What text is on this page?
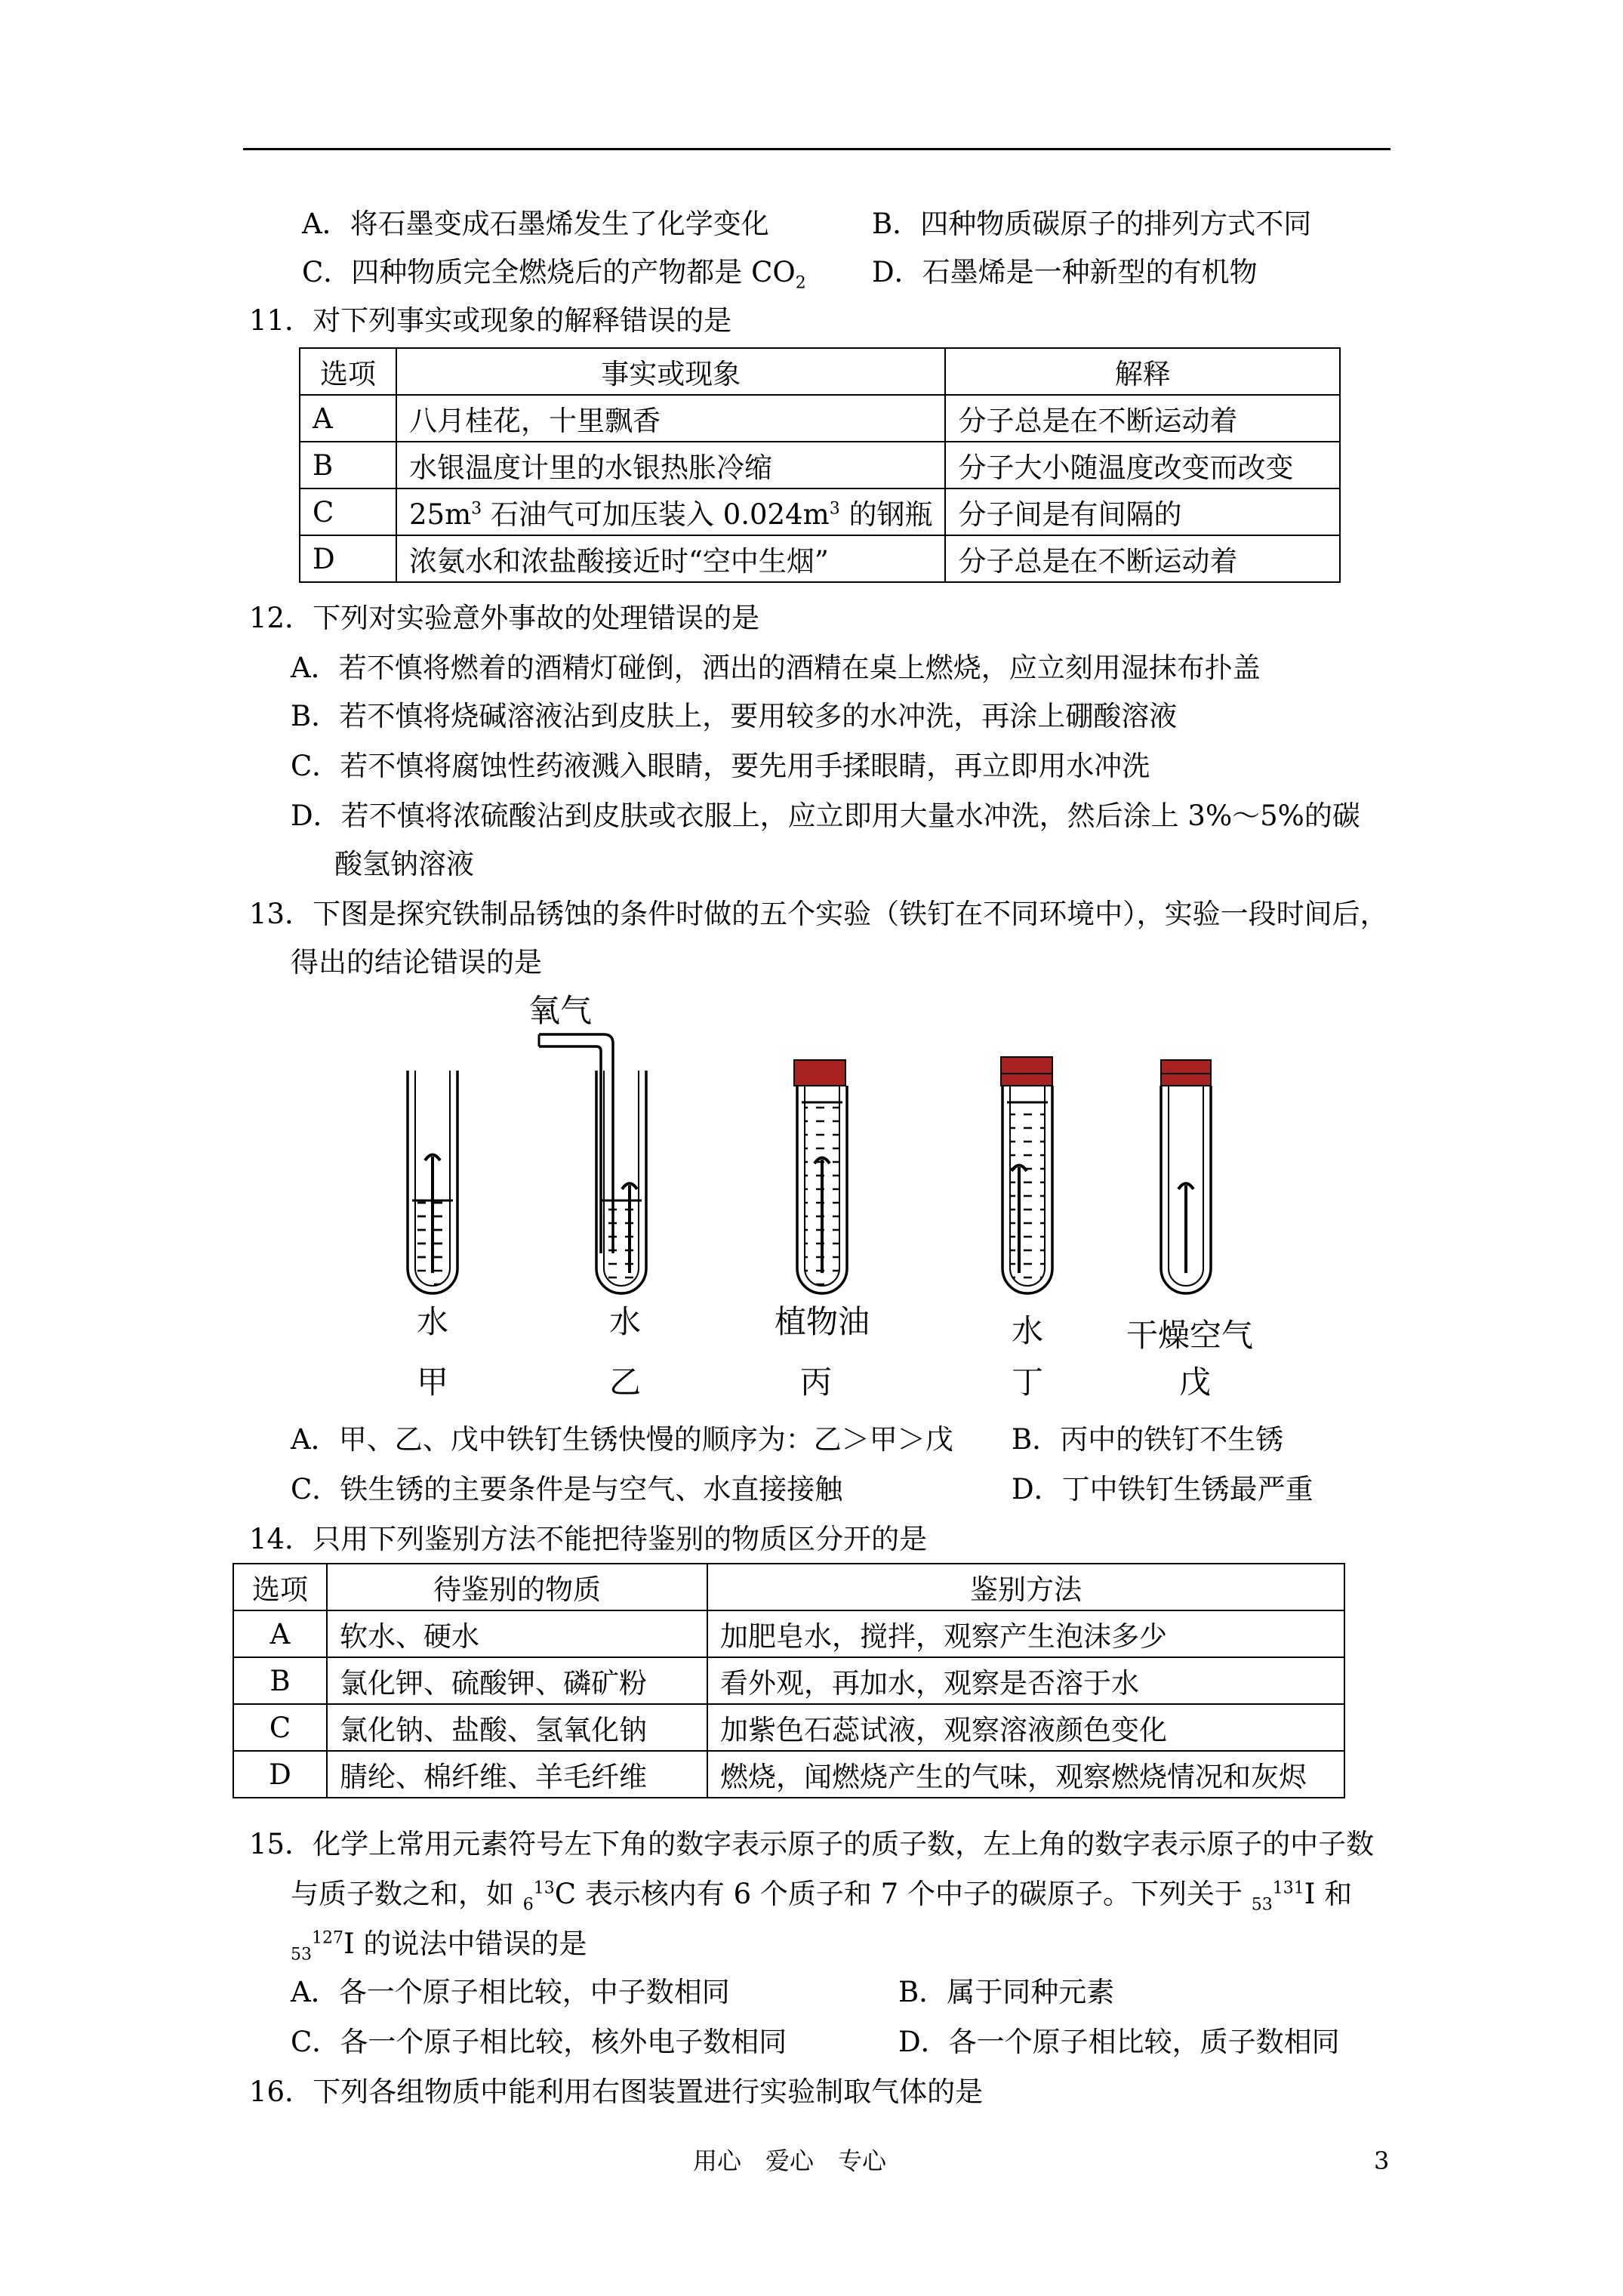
A．将石墨变成石墨烯发生了化学变化	B．四种物质碳原子的排列方式不同
C．四种物质完全燃烧后的产物都是 $CO_2$ D．石墨烯是一种新型的有机物
11．对下列事实或现象的解释错误的是
选项	事实或现象	解释
A	八月桂花，十里飘香	分子总是在不断运动着
B	水银温度计里的水银热胀冷缩	分子大小随温度改变而改变
C	$25m^3$ 石油气可加压装入 $0.024m^3$ 的钢瓶	分子间是有间隔的
D	浓氨水和浓盐酸接近时“空中生烟”	分子总是在不断运动着
12．下列对实验意外事故的处理错误的是
A．若不慎将燃着的酒精灯碰倒，洒出的酒精在桌上燃烧，应立刻用湿抹布扑盖
B．若不慎将烧碱溶液沾到皮肤上，要用较多的水冲洗，再涂上硼酸溶液
C．若不慎将腐蚀性药液溅入眼睛，要先用手揉眼睛，再立即用水冲洗
D．若不慎将浓硫酸沾到皮肤或衣服上，应立即用大量水冲洗，然后涂上 3%～5%的碳
酸氢钠溶液
13．下图是探究铁制品锈蚀的条件时做的五个实验（铁钉在不同环境中），实验一段时间后，
得出的结论错误的是
氧气
水	水	植物油	水	干燥空气
甲	乙	丙	丁	戊
A．甲、乙、戊中铁钉生锈快慢的顺序为：乙＞甲＞戊 B．丙中的铁钉不生锈
C．铁生锈的主要条件是与空气、水直接接触	D．丁中铁钉生锈最严重
14．只用下列鉴别方法不能把待鉴别的物质区分开的是
选项	待鉴别的物质	鉴别方法
A	软水、硬水	加肥皂水，搅拌，观察产生泡沫多少
B	氯化钾、硫酸钾、磷矿粉	看外观，再加水，观察是否溶于水
C	氯化钠、盐酸、氢氧化钠	加紫色石蕊试液，观察溶液颜色变化
D	腈纶、棉纤维、羊毛纤维	燃烧，闻燃烧产生的气味，观察燃烧情况和灰烬
15．化学上常用元素符号左下角的数字表示原子的质子数，左上角的数字表示原子的中子数
与质子数之和，如 $_6^{13}$C 表示核内有 6 个质子和 7 个中子的碳原子。下列关于 $_{53}^{131}$I 和
$_{53}^{127}$I 的说法中错误的是
A．各一个原子相比较，中子数相同	B．属于同种元素
C．各一个原子相比较，核外电子数相同	D．各一个原子相比较，质子数相同
16．下列各组物质中能利用右图装置进行实验制取气体的是
用心　爱心　专心	3
